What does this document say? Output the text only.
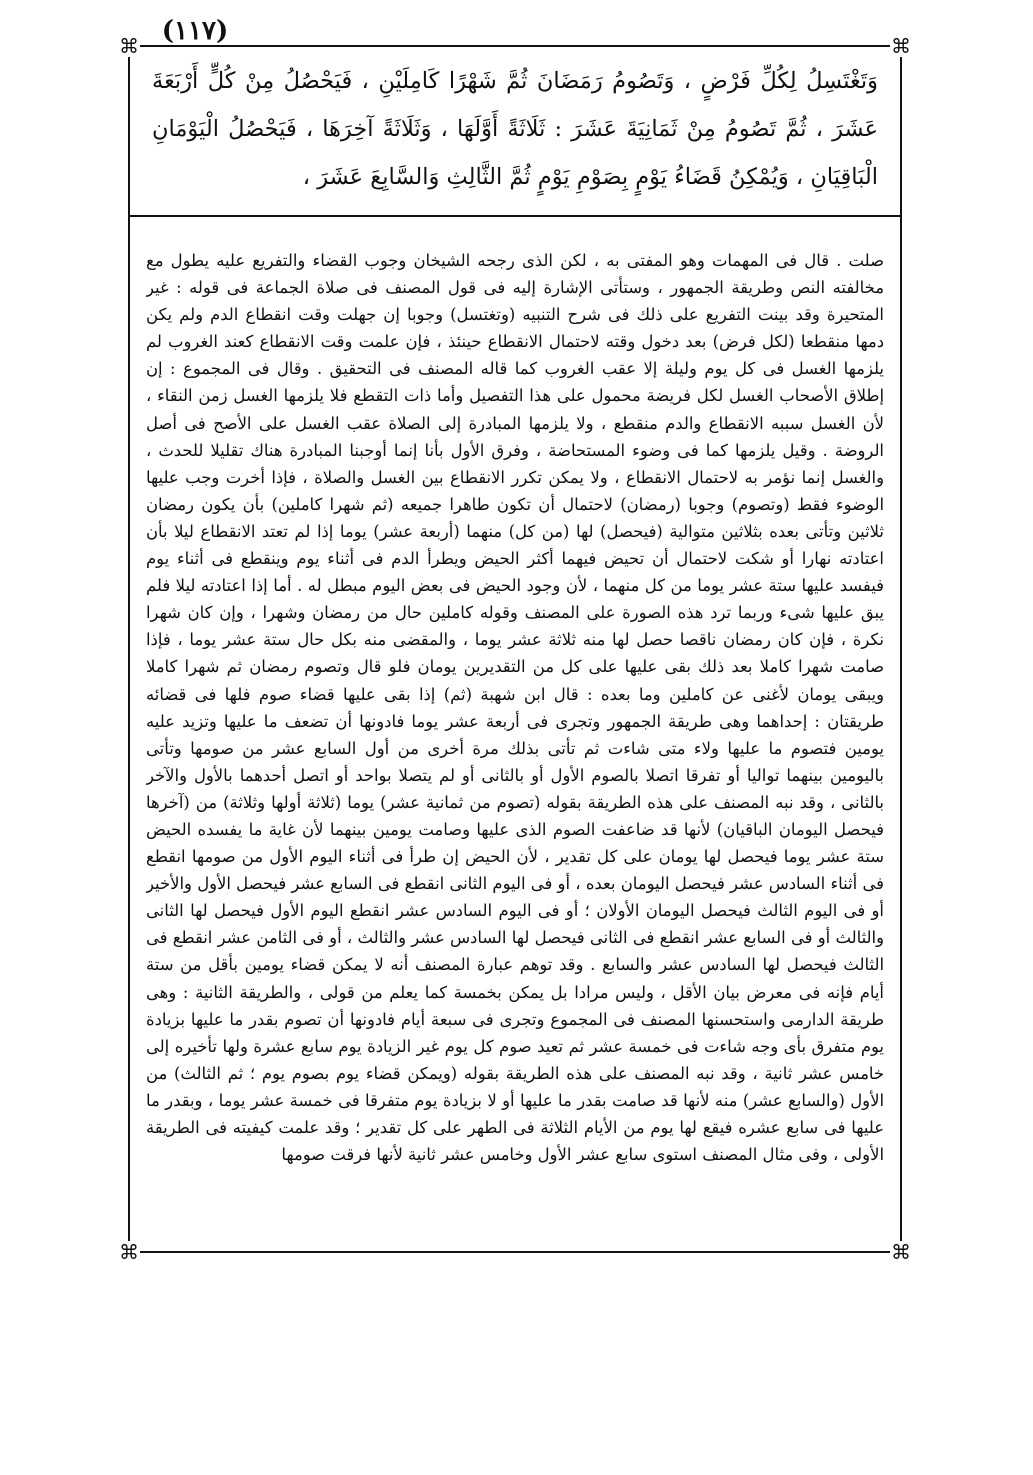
(١١٧)
⌘	⌘
⌘	⌘

وَتَغْتَسِلُ لِكُلِّ فَرْضٍ ، وَتَصُومُ رَمَضَانَ ثُمَّ شَهْرًا كَامِلَيْنِ ، فَيَحْصُلُ مِنْ كُلٍّ أَرْبَعَةَ عَشَرَ ، ثُمَّ تَصُومُ مِنْ ثَمَانِيَةَ عَشَرَ : ثَلَاثَةً أَوَّلَهَا ، وَثَلَاثَةً آخِرَهَا ، فَيَحْصُلُ الْيَوْمَانِ الْبَاقِيَانِ ، وَيُمْكِنُ قَضَاءُ يَوْمٍ بِصَوْمِ يَوْمٍ ثُمَّ الثَّالِثِ وَالسَّابِعَ عَشَرَ ،

صلت . قال فى المهمات وهو المفتى به ، لكن الذى رجحه الشيخان وجوب القضاء والتفريع عليه يطول مع مخالفته النص وطريقة الجمهور ، وستأتى الإشارة إليه فى قول المصنف فى صلاة الجماعة فى قوله : غير المتحيرة وقد بينت التفريع على ذلك فى شرح التنبيه (وتغتسل) وجوبا إن جهلت وقت انقطاع الدم ولم يكن دمها منقطعا (لكل فرض) بعد دخول وقته لاحتمال الانقطاع حينئذ ، فإن علمت وقت الانقطاع كعند الغروب لم يلزمها الغسل فى كل يوم وليلة إلا عقب الغروب كما قاله المصنف فى التحقيق . وقال فى المجموع : إن إطلاق الأصحاب الغسل لكل فريضة محمول على هذا التفصيل وأما ذات التقطع فلا يلزمها الغسل زمن النقاء ، لأن الغسل سببه الانقطاع والدم منقطع ، ولا يلزمها المبادرة إلى الصلاة عقب الغسل على الأصح فى أصل الروضة . وقيل يلزمها كما فى وضوء المستحاضة ، وفرق الأول بأنا إنما أوجبنا المبادرة هناك تقليلا للحدث ، والغسل إنما نؤمر به لاحتمال الانقطاع ، ولا يمكن تكرر الانقطاع بين الغسل والصلاة ، فإذا أخرت وجب عليها الوضوء فقط (وتصوم) وجوبا (رمضان) لاحتمال أن تكون طاهرا جميعه (ثم شهرا كاملين) بأن يكون رمضان ثلاثين وتأتى بعده بثلاثين متوالية (فيحصل) لها (من كل) منهما (أربعة عشر) يوما إذا لم تعتد الانقطاع ليلا بأن اعتادته نهارا أو شكت لاحتمال أن تحيض فيهما أكثر الحيض ويطرأ الدم فى أثناء يوم وينقطع فى أثناء يوم فيفسد عليها ستة عشر يوما من كل منهما ، لأن وجود الحيض فى بعض اليوم مبطل له . أما إذا اعتادته ليلا فلم يبق عليها شىء وربما ترد هذه الصورة على المصنف وقوله كاملين حال من رمضان وشهرا ، وإن كان شهرا نكرة ، فإن كان رمضان ناقصا حصل لها منه ثلاثة عشر يوما ، والمقضى منه بكل حال ستة عشر يوما ، فإذا صامت شهرا كاملا بعد ذلك بقى عليها على كل من التقديرين يومان فلو قال وتصوم رمضان ثم شهرا كاملا ويبقى يومان لأغنى عن كاملين وما بعده : قال ابن شهبة (ثم) إذا بقى عليها قضاء صوم فلها فى قضائه طريقتان : إحداهما وهى طريقة الجمهور وتجرى فى أربعة عشر يوما فادونها أن تضعف ما عليها وتزيد عليه يومين فتصوم ما عليها ولاء متى شاءت ثم تأتى بذلك مرة أخرى من أول السابع عشر من صومها وتأتى باليومين بينهما تواليا أو تفرقا اتصلا بالصوم الأول أو بالثانى أو لم يتصلا بواحد أو اتصل أحدهما بالأول والآخر بالثانى ، وقد نبه المصنف على هذه الطريقة بقوله (تصوم من ثمانية عشر) يوما (ثلاثة أولها وثلاثة) من (آخرها فيحصل اليومان الباقيان) لأنها قد ضاعفت الصوم الذى عليها وصامت يومين بينهما لأن غاية ما يفسده الحيض ستة عشر يوما فيحصل لها يومان على كل تقدير ، لأن الحيض إن طرأ فى أثناء اليوم الأول من صومها انقطع فى أثناء السادس عشر فيحصل اليومان بعده ، أو فى اليوم الثانى انقطع فى السابع عشر فيحصل الأول والأخير أو فى اليوم الثالث فيحصل اليومان الأولان ؛ أو فى اليوم السادس عشر انقطع اليوم الأول فيحصل لها الثانى والثالث أو فى السابع عشر انقطع فى الثانى فيحصل لها السادس عشر والثالث ، أو فى الثامن عشر انقطع فى الثالث فيحصل لها السادس عشر والسابع . وقد توهم عبارة المصنف أنه لا يمكن قضاء يومين بأقل من ستة أيام فإنه فى معرض بيان الأقل ، وليس مرادا بل يمكن بخمسة كما يعلم من قولى ، والطريقة الثانية : وهى طريقة الدارمى واستحسنها المصنف فى المجموع وتجرى فى سبعة أيام فادونها أن تصوم بقدر ما عليها بزيادة يوم متفرق بأى وجه شاءت فى خمسة عشر ثم تعيد صوم كل يوم غير الزيادة يوم سابع عشرة ولها تأخيره إلى خامس عشر ثانية ، وقد نبه المصنف على هذه الطريقة بقوله (ويمكن قضاء يوم بصوم يوم ؛ ثم الثالث) من الأول (والسابع عشر) منه لأنها قد صامت بقدر ما عليها أو لا بزيادة يوم متفرقا فى خمسة عشر يوما ، وبقدر ما عليها فى سابع عشره فيقع لها يوم من الأيام الثلاثة فى الطهر على كل تقدير ؛ وقد علمت كيفيته فى الطريقة الأولى ، وفى مثال المصنف استوى سابع عشر الأول وخامس عشر ثانية لأنها فرقت صومها
